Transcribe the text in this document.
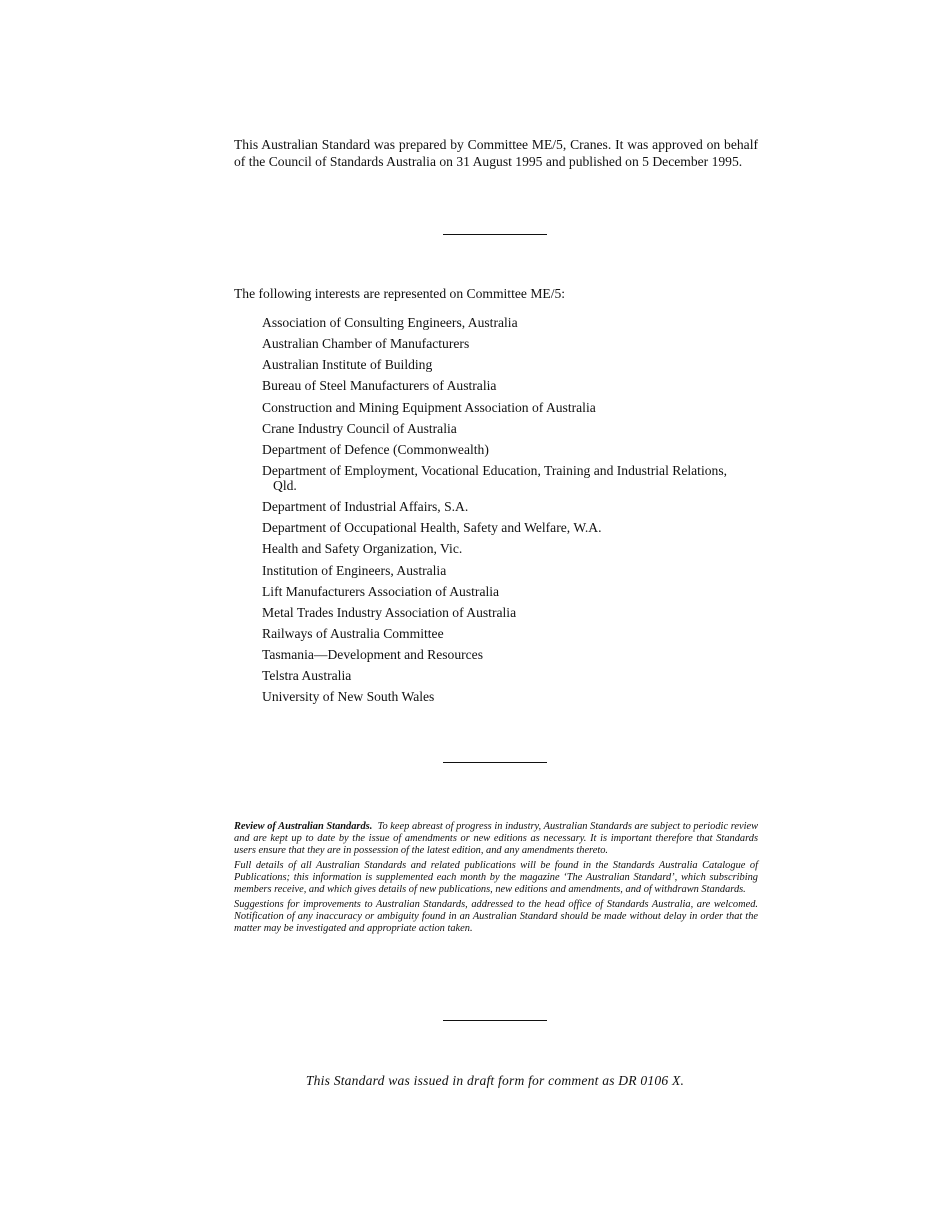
This Australian Standard was prepared by Committee ME/5, Cranes. It was approved on behalf of the Council of Standards Australia on 31 August 1995 and published on 5 December 1995.
The following interests are represented on Committee ME/5:
Association of Consulting Engineers, Australia
Australian Chamber of Manufacturers
Australian Institute of Building
Bureau of Steel Manufacturers of Australia
Construction and Mining Equipment Association of Australia
Crane Industry Council of Australia
Department of Defence (Commonwealth)
Department of Employment, Vocational Education, Training and Industrial Relations, Qld.
Department of Industrial Affairs, S.A.
Department of Occupational Health, Safety and Welfare, W.A.
Health and Safety Organization, Vic.
Institution of Engineers, Australia
Lift Manufacturers Association of Australia
Metal Trades Industry Association of Australia
Railways of Australia Committee
Tasmania—Development and Resources
Telstra Australia
University of New South Wales

Review of Australian Standards. To keep abreast of progress in industry, Australian Standards are subject to periodic review and are kept up to date by the issue of amendments or new editions as necessary. It is important therefore that Standards users ensure that they are in possession of the latest edition, and any amendments thereto.

Full details of all Australian Standards and related publications will be found in the Standards Australia Catalogue of Publications; this information is supplemented each month by the magazine ‘The Australian Standard’, which subscribing members receive, and which gives details of new publications, new editions and amendments, and of withdrawn Standards.

Suggestions for improvements to Australian Standards, addressed to the head office of Standards Australia, are welcomed. Notification of any inaccuracy or ambiguity found in an Australian Standard should be made without delay in order that the matter may be investigated and appropriate action taken.

This Standard was issued in draft form for comment as DR 0106 X.
